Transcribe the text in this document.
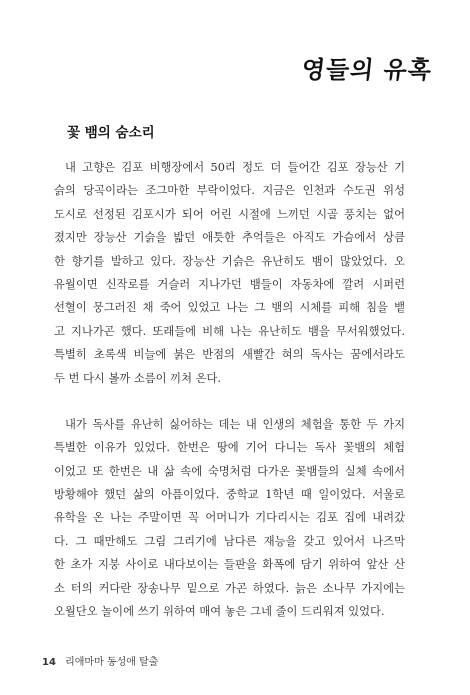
영들의 유혹
꽃 뱀의 숨소리
내 고향은 김포 비행장에서 50리 정도 더 들어간 김포 장능산 기
슭의 당곡이라는 조그마한 부락이었다. 지금은 인천과 수도권 위성
도시로 선정된 김포시가 되어 어린 시절에 느끼던 시골 풍치는 없어
졌지만 장능산 기슭을 밟던 애틋한 추억들은 아직도 가슴에서 상큼
한 향기를 발하고 있다. 장능산 기슭은 유난히도 뱀이 많았었다. 오
유월이면 신작로를 거슬러 지나가던 뱀들이 자동차에 깔려 시퍼런
선혈이 뭉그러진 채 죽어 있었고 나는 그 뱀의 시체를 피해 침을 뱉
고 지나가곤 했다. 또래들에 비해 나는 유난히도 뱀을 무서워했었다.
특별히 초록색 비늘에 붉은 반점의 새빨간 혀의 독사는 꿈에서라도
두 번 다시 볼까 소름이 끼쳐 온다.
내가 독사를 유난히 싫어하는 데는 내 인생의 체험을 통한 두 가지
특별한 이유가 있었다. 한번은 땅에 기어 다니는 독사 꽃뱀의 체험
이었고 또 한번은 내 삶 속에 숙명처럼 다가온 꽃뱀들의 실체 속에서
방황해야 했던 삶의 아픔이었다. 중학교 1학년 때 일이었다. 서울로
유학을 온 나는 주말이면 꼭 어머니가 기다리시는 김포 집에 내려갔
다. 그 때만해도 그림 그리기에 남다른 재능을 갖고 있어서 나즈막
한 초가 지붕 사이로 내다보이는 들판을 화폭에 담기 위하여 앞산 산
소 터의 커다란 장송나무 밑으로 가곤 하였다. 늙은 소나무 가지에는
오월단오 놀이에 쓰기 위하여 매여 놓은 그네 줄이 드리워져 있었다.
14 리애마마 동성애 탈출
